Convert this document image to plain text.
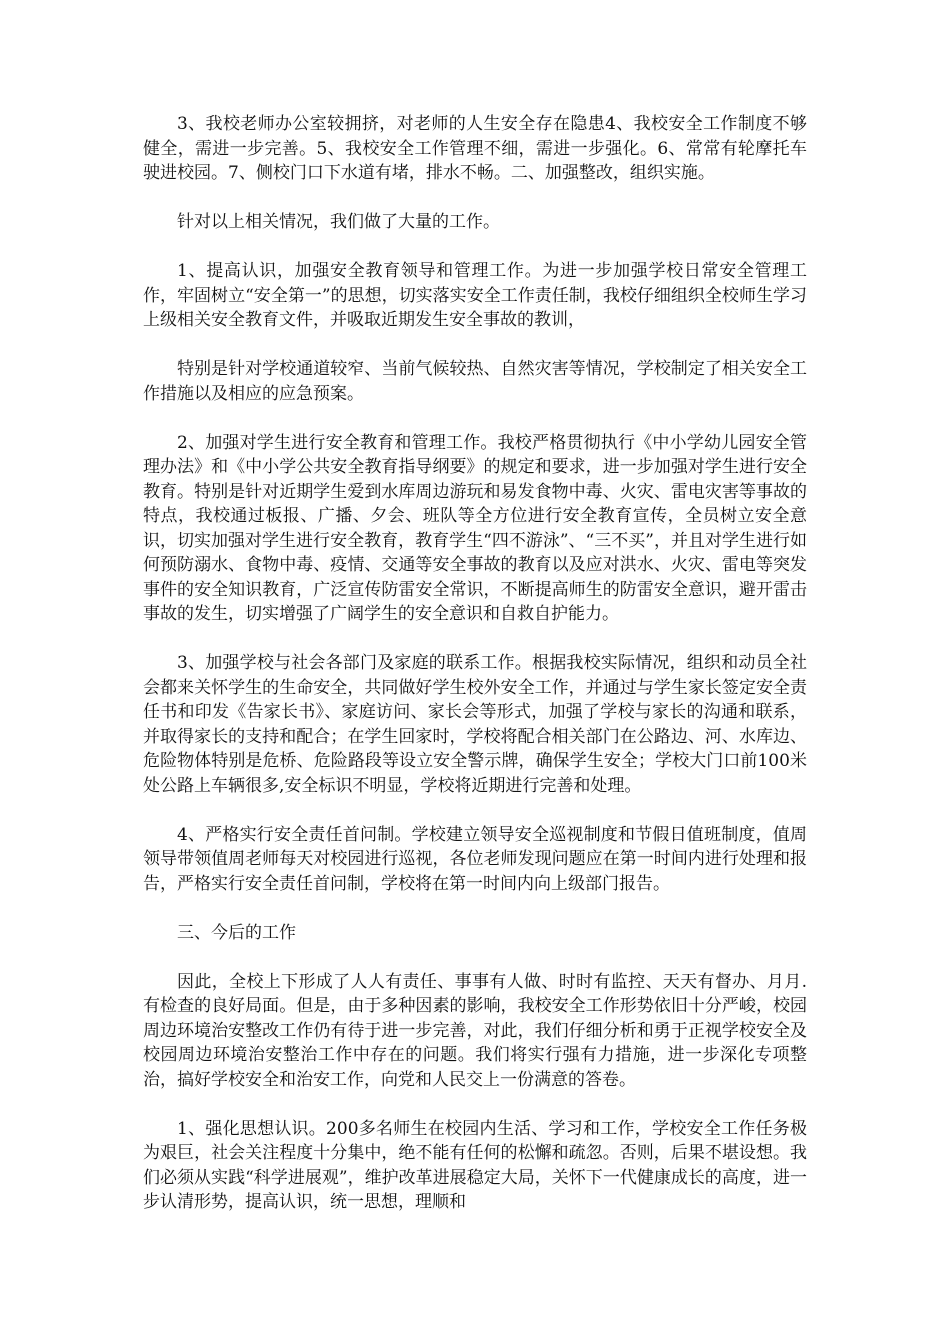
3、我校老师办公室较拥挤，对老师的人生安全存在隐患4、我校安全工作制度不够健全，需进一步完善。5、我校安全工作管理不细，需进一步强化。6、常常有轮摩托车驶进校园。7、侧校门口下水道有堵，排水不畅。二、加强整改，组织实施。

针对以上相关情况，我们做了大量的工作。

1、提高认识，加强安全教育领导和管理工作。为进一步加强学校日常安全管理工作，牢固树立“安全第一”的思想，切实落实安全工作责任制，我校仔细组织全校师生学习上级相关安全教育文件，并吸取近期发生安全事故的教训，

特别是针对学校通道较窄、当前气候较热、自然灾害等情况，学校制定了相关安全工作措施以及相应的应急预案。

2、加强对学生进行安全教育和管理工作。我校严格贯彻执行《中小学幼儿园安全管理办法》和《中小学公共安全教育指导纲要》的规定和要求，进一步加强对学生进行安全教育。特别是针对近期学生爱到水库周边游玩和易发食物中毒、火灾、雷电灾害等事故的特点，我校通过板报、广播、夕会、班队等全方位进行安全教育宣传，全员树立安全意识，切实加强对学生进行安全教育，教育学生“四不游泳”、“三不买”，并且对学生进行如何预防溺水、食物中毒、疫情、交通等安全事故的教育以及应对洪水、火灾、雷电等突发事件的安全知识教育，广泛宣传防雷安全常识，不断提高师生的防雷安全意识，避开雷击事故的发生，切实增强了广阔学生的安全意识和自救自护能力。

3、加强学校与社会各部门及家庭的联系工作。根据我校实际情况，组织和动员全社会都来关怀学生的生命安全，共同做好学生校外安全工作，并通过与学生家长签定安全责任书和印发《告家长书》、家庭访问、家长会等形式，加强了学校与家长的沟通和联系，并取得家长的支持和配合；在学生回家时，学校将配合相关部门在公路边、河、水库边、危险物体特别是危桥、危险路段等设立安全警示牌，确保学生安全；学校大门口前100米处公路上车辆很多,安全标识不明显，学校将近期进行完善和处理。

4、严格实行安全责任首问制。学校建立领导安全巡视制度和节假日值班制度，值周领导带领值周老师每天对校园进行巡视，各位老师发现问题应在第一时间内进行处理和报告，严格实行安全责任首问制，学校将在第一时间内向上级部门报告。

三、今后的工作

因此，全校上下形成了人人有责任、事事有人做、时时有监控、天天有督办、月月.有检查的良好局面。但是，由于多种因素的影响，我校安全工作形势依旧十分严峻，校园周边环境治安整改工作仍有待于进一步完善，对此，我们仔细分析和勇于正视学校安全及校园周边环境治安整治工作中存在的问题。我们将实行强有力措施，进一步深化专项整治，搞好学校安全和治安工作，向党和人民交上一份满意的答卷。

1、强化思想认识。200多名师生在校园内生活、学习和工作，学校安全工作任务极为艰巨，社会关注程度十分集中，绝不能有任何的松懈和疏忽。否则，后果不堪设想。我们必须从实践“科学进展观”，维护改革进展稳定大局，关怀下一代健康成长的高度，进一步认清形势，提高认识，统一思想，理顺和
